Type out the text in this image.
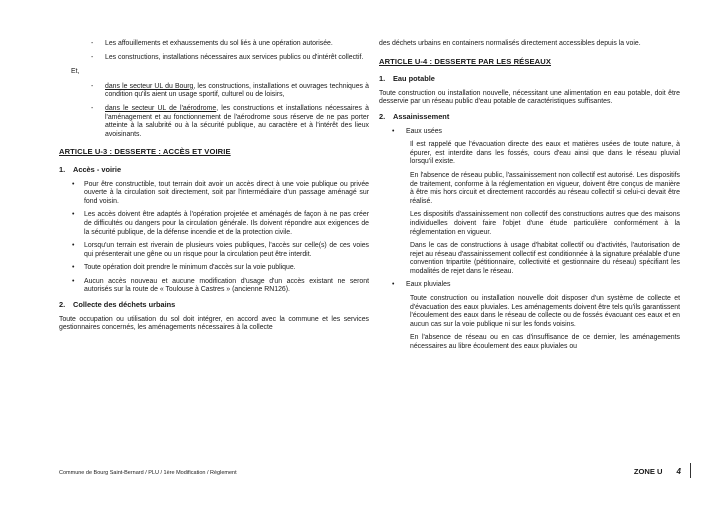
- Les affouillements et exhaussements du sol liés à une opération autorisée.
- Les constructions, installations nécessaires aux services publics ou d'intérêt collectif.
Et,
- dans le secteur UL du Bourg, les constructions, installations et ouvrages techniques à condition qu'ils aient un usage sportif, culturel ou de loisirs,
- dans le secteur UL de l'aérodrome, les constructions et installations nécessaires à l'aménagement et au fonctionnement de l'aérodrome sous réserve de ne pas porter atteinte à la salubrité ou à la sécurité publique, au caractère et à l'intérêt des lieux avoisinants.
ARTICLE U-3 : DESSERTE : ACCÈS ET VOIRIE
1. Accès - voirie
• Pour être constructible, tout terrain doit avoir un accès direct à une voie publique ou privée ouverte à la circulation soit directement, soit par l'intermédiaire d'un passage aménagé sur fond voisin.
• Les accès doivent être adaptés à l'opération projetée et aménagés de façon à ne pas créer de difficultés ou dangers pour la circulation générale. Ils doivent répondre aux exigences de la sécurité publique, de la défense incendie et de la protection civile.
• Lorsqu'un terrain est riverain de plusieurs voies publiques, l'accès sur celle(s) de ces voies qui présenterait une gêne ou un risque pour la circulation peut être interdit.
• Toute opération doit prendre le minimum d'accès sur la voie publique.
• Aucun accès nouveau et aucune modification d'usage d'un accès existant ne seront autorisés sur la route de « Toulouse à Castres » (ancienne RN126).
2. Collecte des déchets urbains

Toute occupation ou utilisation du sol doit intégrer, en accord avec la commune et les services gestionnaires concernés, les aménagements nécessaires à la collecte

des déchets urbains en containers normalisés directement accessibles depuis la voie.

ARTICLE U-4 : DESSERTE PAR LES RÉSEAUX
1. Eau potable

Toute construction ou installation nouvelle, nécessitant une alimentation en eau potable, doit être desservie par un réseau public d'eau potable de caractéristiques suffisantes.

2. Assainissement
• Eaux usées

Il est rappelé que l'évacuation directe des eaux et matières usées de toute nature, à épurer, est interdite dans les fossés, cours d'eau ainsi que dans le réseau pluvial lorsqu'il existe.

En l'absence de réseau public, l'assainissement non collectif est autorisé. Les dispositifs de traitement, conforme à la réglementation en vigueur, doivent être conçus de manière à être mis hors circuit et directement raccordés au réseau collectif si celui-ci devait être réalisé.

Les dispositifs d'assainissement non collectif des constructions autres que des maisons individuelles doivent faire l'objet d'une étude particulière conformément à la réglementation en vigueur.

Dans le cas de constructions à usage d'habitat collectif ou d'activités, l'autorisation de rejet au réseau d'assainissement collectif est conditionnée à la signature préalable d'une convention tripartite (pétitionnaire, collectivité et gestionnaire du réseau) spécifiant les modalités de rejet dans le réseau.

• Eaux pluviales

Toute construction ou installation nouvelle doit disposer d'un système de collecte et d'évacuation des eaux pluviales. Les aménagements doivent être tels qu'ils garantissent l'écoulement des eaux dans le réseau de collecte ou de fossés évacuant ces eaux et en aucun cas sur la voie publique ni sur les fonds voisins.

En l'absence de réseau ou en cas d'insuffisance de ce dernier, les aménagements nécessaires au libre écoulement des eaux pluviales ou

Commune de Bourg Saint-Bernard / PLU / 1ère Modification / Règlement	ZONE U 4
